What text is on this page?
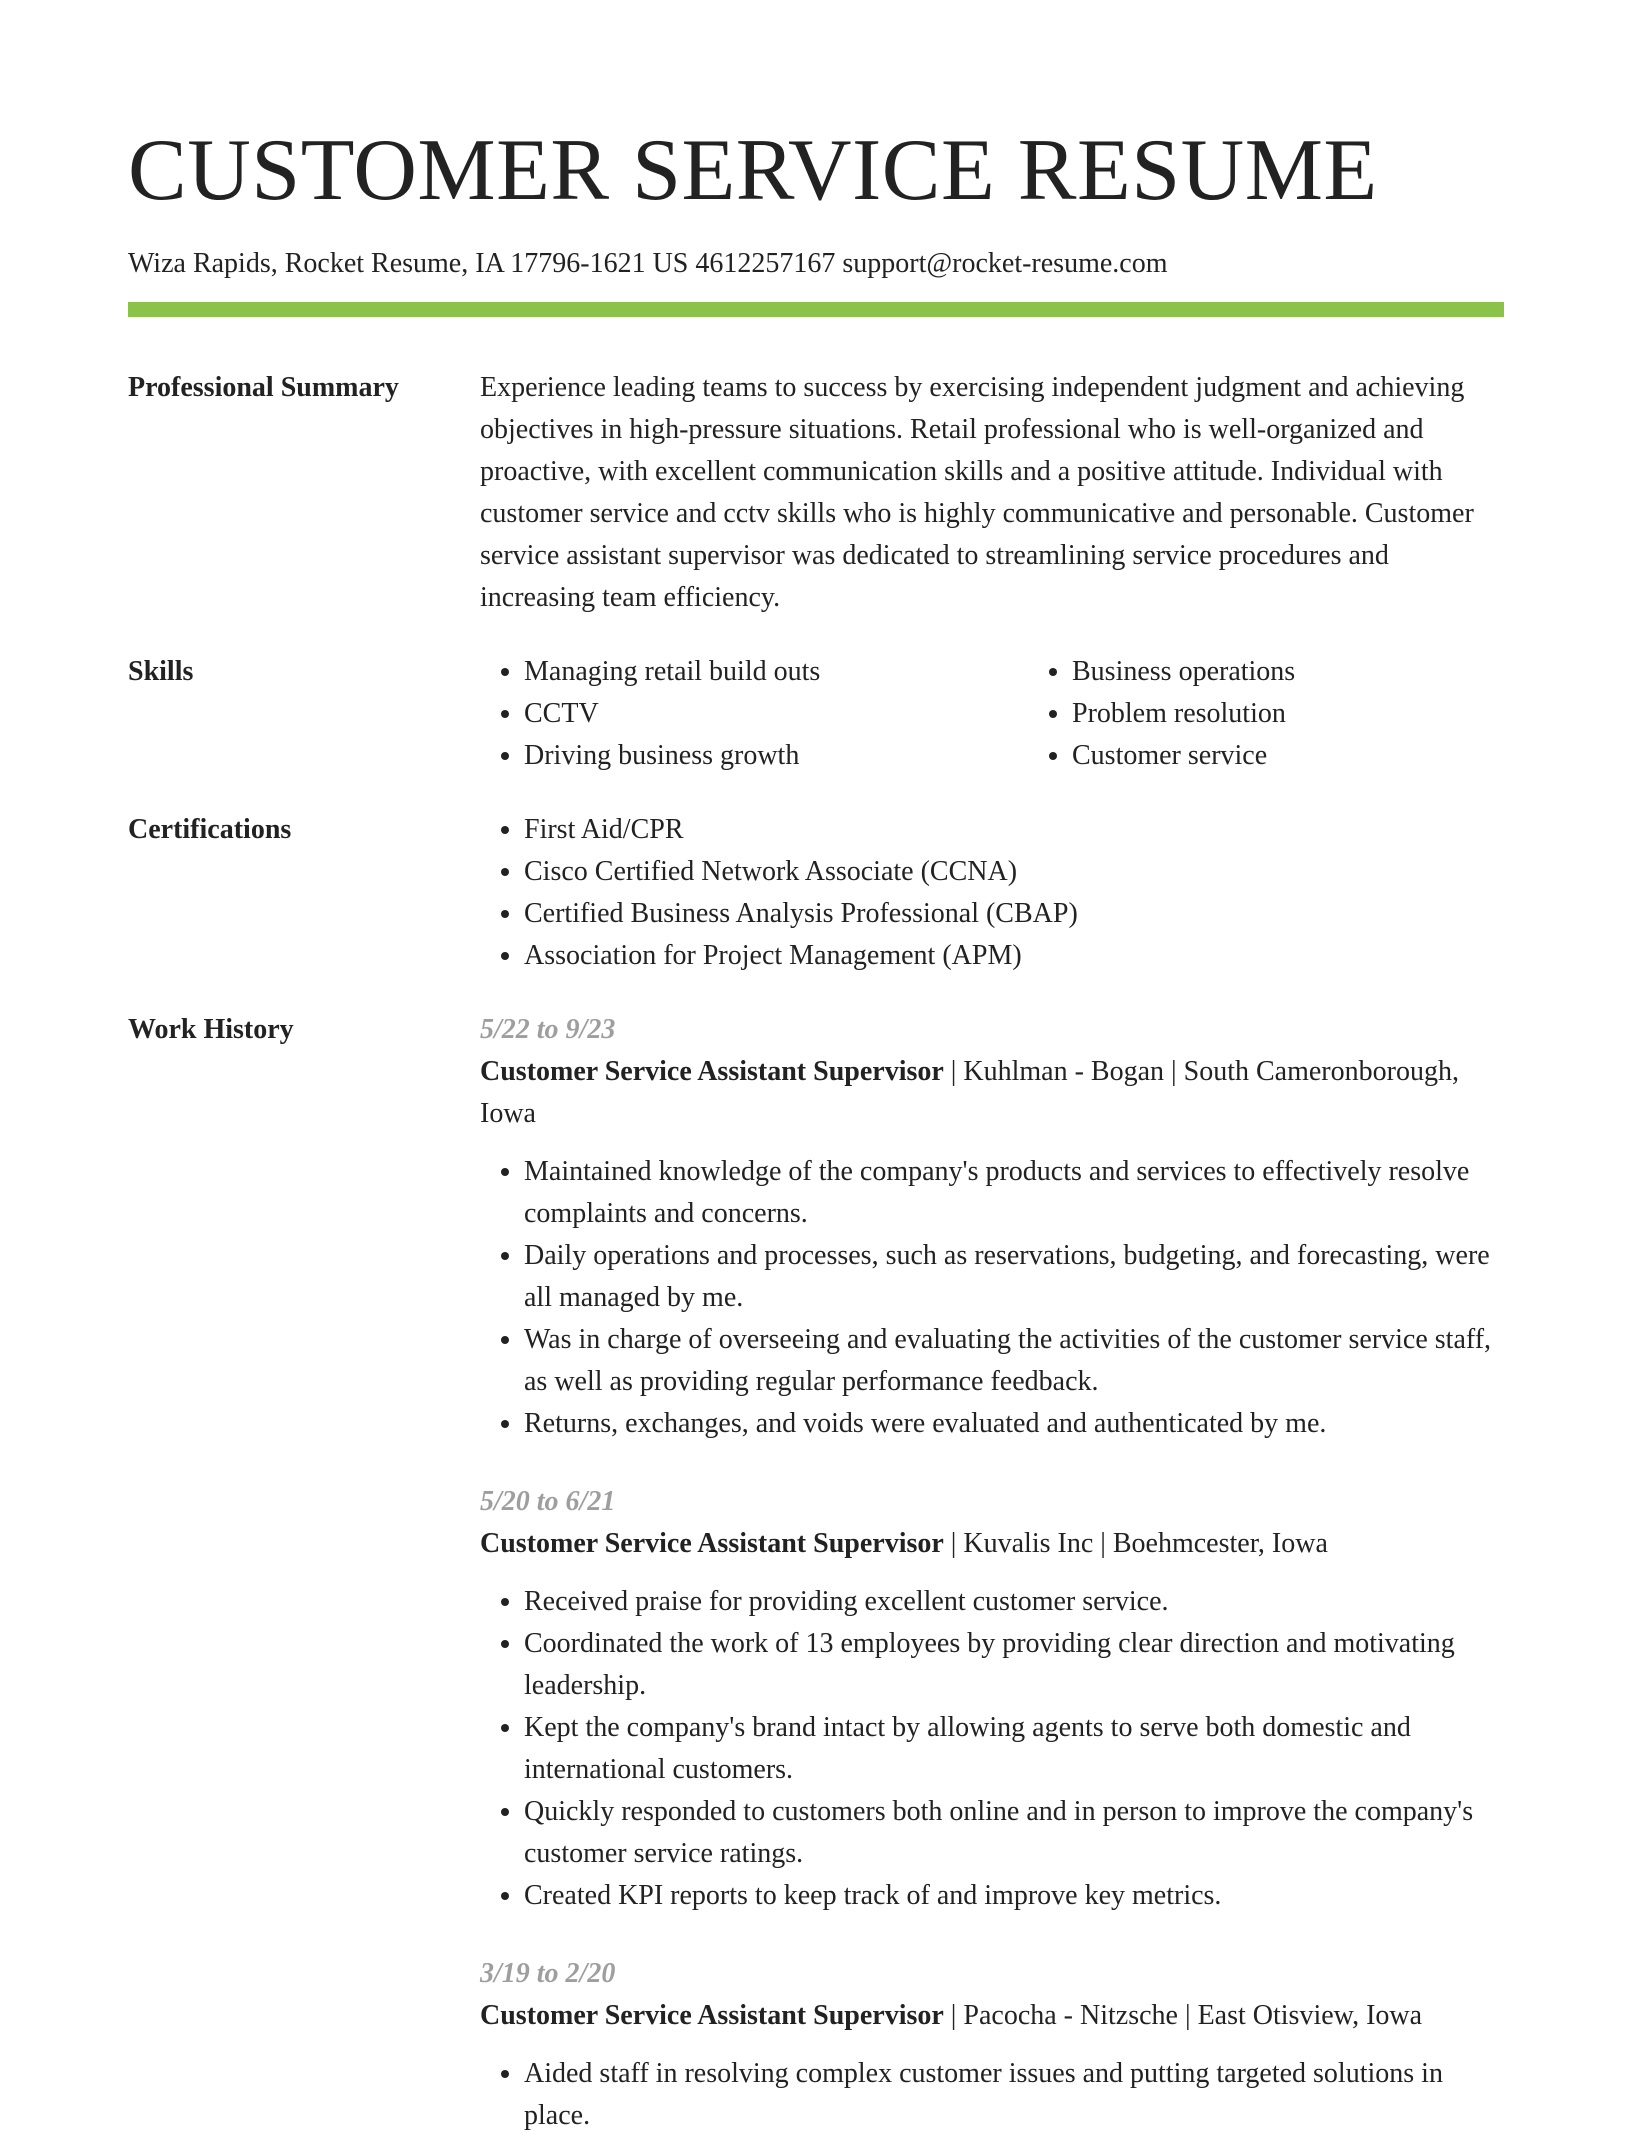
CUSTOMER SERVICE RESUME
Wiza Rapids, Rocket Resume, IA 17796-1621 US 4612257167 support@rocket-resume.com
Professional Summary	Experience leading teams to success by exercising independent judgment and achieving objectives in high-pressure situations. Retail professional who is well-organized and proactive, with excellent communication skills and a positive attitude. Individual with customer service and cctv skills who is highly communicative and personable. Customer service assistant supervisor was dedicated to streamlining service procedures and increasing team efficiency.

Skills	• Managing retail build outs
• CCTV
• Driving business growth
• Business operations
• Problem resolution
• Customer service
Certifications	• First Aid/CPR
• Cisco Certified Network Associate (CCNA)
• Certified Business Analysis Professional (CBAP)
• Association for Project Management (APM)
Work History	5/22 to 9/23
Customer Service Assistant Supervisor | Kuhlman - Bogan | South Cameronborough, Iowa
• Maintained knowledge of the company's products and services to effectively resolve complaints and concerns.
• Daily operations and processes, such as reservations, budgeting, and forecasting, were all managed by me.
• Was in charge of overseeing and evaluating the activities of the customer service staff, as well as providing regular performance feedback.
• Returns, exchanges, and voids were evaluated and authenticated by me.
5/20 to 6/21
Customer Service Assistant Supervisor | Kuvalis Inc | Boehmcester, Iowa
• Received praise for providing excellent customer service.
• Coordinated the work of 13 employees by providing clear direction and motivating leadership.
• Kept the company's brand intact by allowing agents to serve both domestic and international customers.
• Quickly responded to customers both online and in person to improve the company's customer service ratings.
• Created KPI reports to keep track of and improve key metrics.
3/19 to 2/20
Customer Service Assistant Supervisor | Pacocha - Nitzsche | East Otisview, Iowa
• Aided staff in resolving complex customer issues and putting targeted solutions in place.
